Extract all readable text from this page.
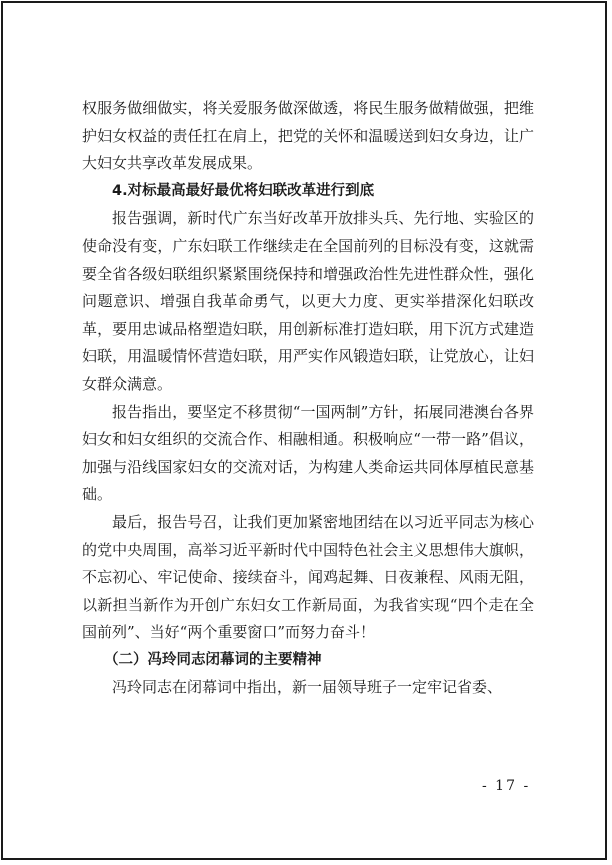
权服务做细做实，将关爱服务做深做透，将民生服务做精做强，把维护妇女权益的责任扛在肩上，把党的关怀和温暖送到妇女身边，让广大妇女共享改革发展成果。

4.对标最高最好最优将妇联改革进行到底

报告强调，新时代广东当好改革开放排头兵、先行地、实验区的使命没有变，广东妇联工作继续走在全国前列的目标没有变，这就需要全省各级妇联组织紧紧围绕保持和增强政治性先进性群众性，强化问题意识、增强自我革命勇气，以更大力度、更实举措深化妇联改革，要用忠诚品格塑造妇联，用创新标准打造妇联，用下沉方式建造妇联，用温暖情怀营造妇联，用严实作风锻造妇联，让党放心，让妇女群众满意。

报告指出，要坚定不移贯彻“一国两制”方针，拓展同港澳台各界妇女和妇女组织的交流合作、相融相通。积极响应“一带一路”倡议，加强与沿线国家妇女的交流对话，为构建人类命运共同体厚植民意基础。

最后，报告号召，让我们更加紧密地团结在以习近平同志为核心的党中央周围，高举习近平新时代中国特色社会主义思想伟大旗帜，不忘初心、牢记使命、接续奋斗，闻鸡起舞、日夜兼程、风雨无阻，以新担当新作为开创广东妇女工作新局面，为我省实现“四个走在全国前列”、当好“两个重要窗口”而努力奋斗！

（二）冯玲同志闭幕词的主要精神

冯玲同志在闭幕词中指出，新一届领导班子一定牢记省委、

- 17 -
